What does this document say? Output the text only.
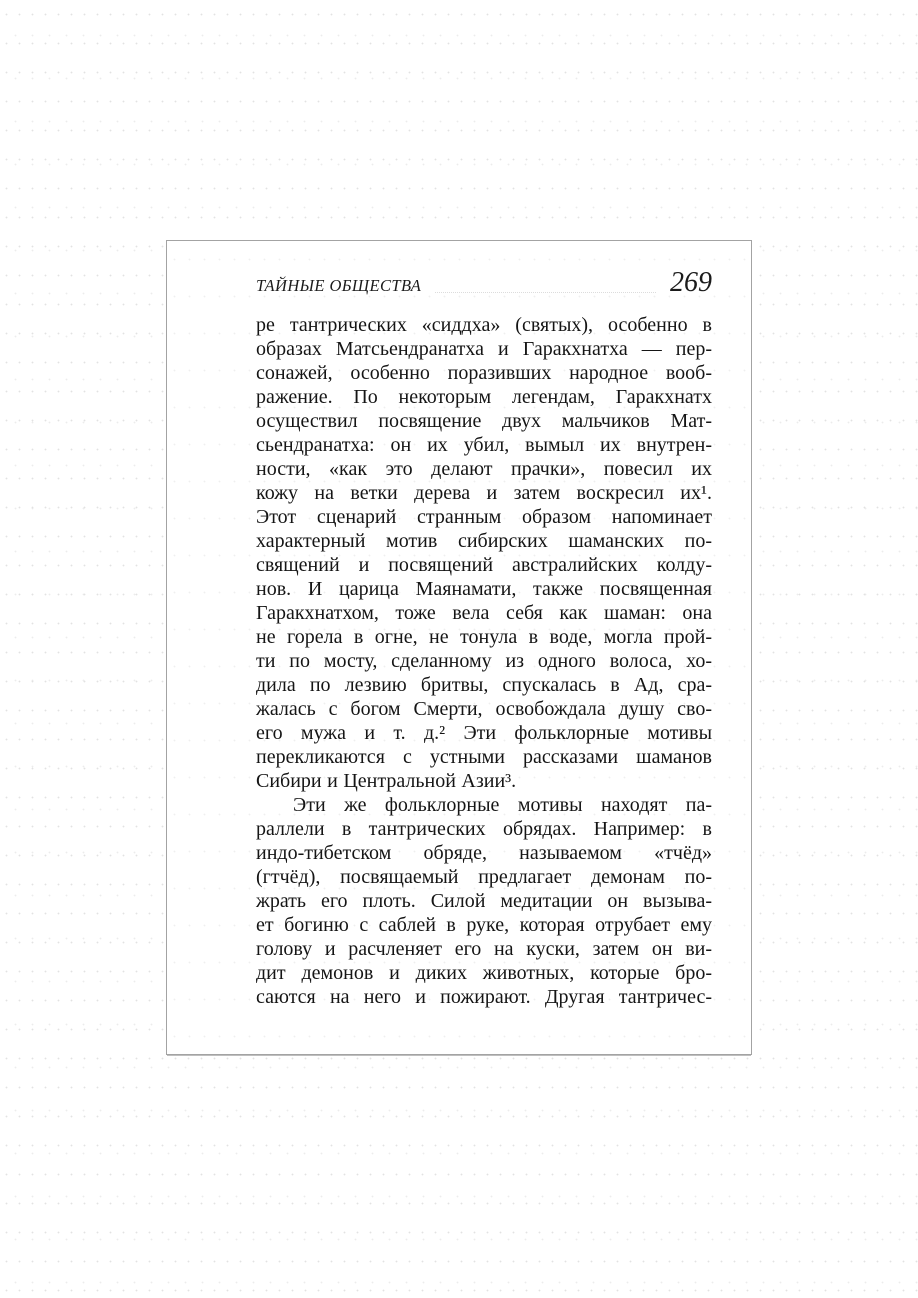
ТАЙНЫЕ ОБЩЕСТВА	269
ре тантрических «сиддха» (святых), особенно в
образах Матсьендранатха и Гаракхнатха — пер-
сонажей, особенно поразивших народное вооб-
ражение. По некоторым легендам, Гаракхнатх
осуществил посвящение двух мальчиков Мат-
сьендранатха: он их убил, вымыл их внутрен-
ности, «как это делают прачки», повесил их
кожу на ветки дерева и затем воскресил их¹.
Этот сценарий странным образом напоминает
характерный мотив сибирских шаманских по-
священий и посвящений австралийских колду-
нов. И царица Маянамати, также посвященная
Гаракхнатхом, тоже вела себя как шаман: она
не горела в огне, не тонула в воде, могла прой-
ти по мосту, сделанному из одного волоса, хо-
дила по лезвию бритвы, спускалась в Ад, сра-
жалась с богом Смерти, освобождала душу сво-
его мужа и т. д.² Эти фольклорные мотивы
перекликаются с устными рассказами шаманов
Сибири и Центральной Азии³.
Эти же фольклорные мотивы находят па-
раллели в тантрических обрядах. Например: в
индо-тибетском обряде, называемом «тчёд»
(гтчёд), посвящаемый предлагает демонам по-
жрать его плоть. Силой медитации он вызыва-
ет богиню с саблей в руке, которая отрубает ему
голову и расчленяет его на куски, затем он ви-
дит демонов и диких животных, которые бро-
саются на него и пожирают. Другая тантричес-
